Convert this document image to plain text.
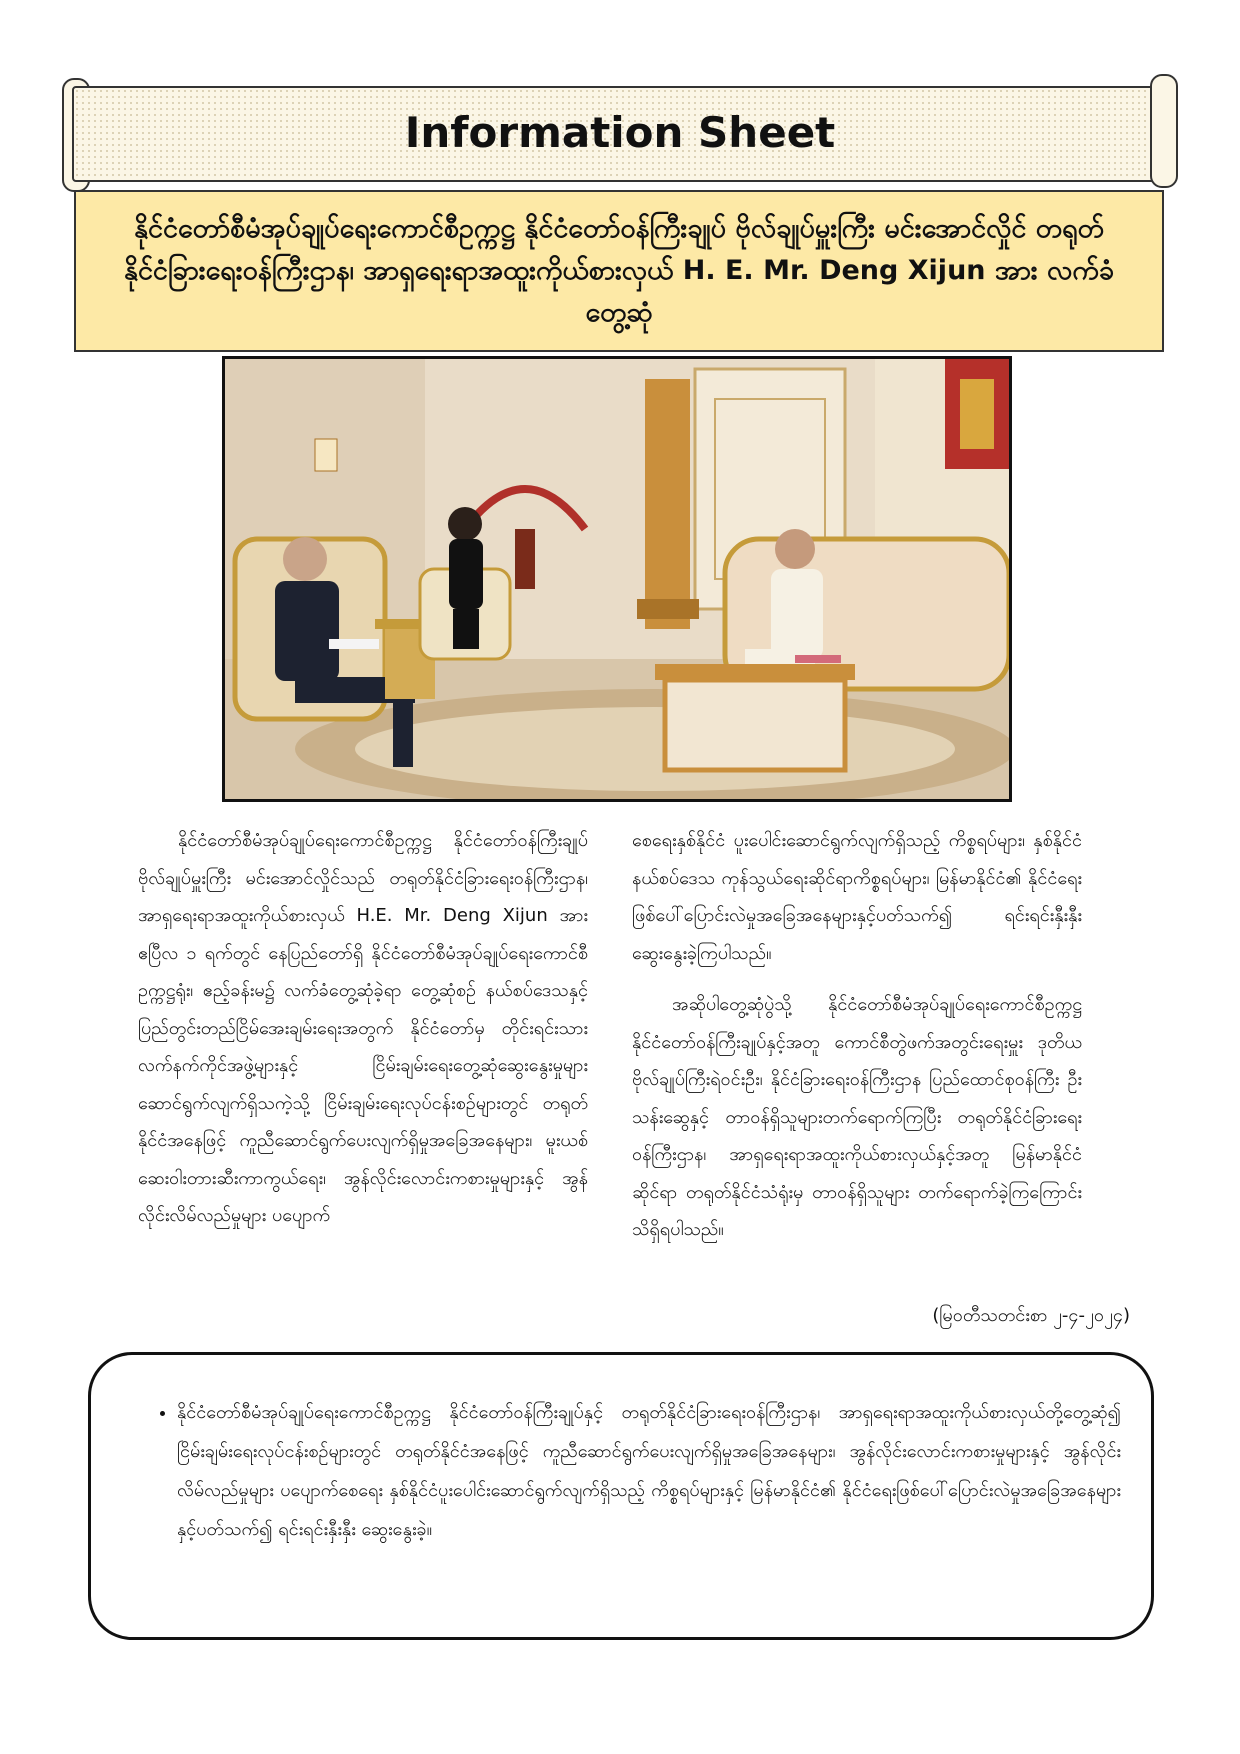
Information Sheet
နိုင်ငံတော်စီမံအုပ်ချုပ်ရေးကောင်စီဥက္ကဋ္ဌ နိုင်ငံတော်ဝန်ကြီးချုပ် ဗိုလ်ချုပ်မှူးကြီး မင်းအောင်လှိုင် တရုတ်နိုင်ငံခြားရေးဝန်ကြီးဌာန၊ အာရှရေးရာအထူးကိုယ်စားလှယ် H. E. Mr. Deng Xijun အား လက်ခံတွေ့ဆုံ

နိုင်ငံတော်စီမံအုပ်ချုပ်ရေးကောင်စီဥက္ကဋ္ဌ နိုင်ငံတော်ဝန်ကြီးချုပ် ဗိုလ်ချုပ်မှူးကြီး မင်းအောင်လှိုင်သည် တရုတ်နိုင်ငံခြားရေးဝန်ကြီးဌာန၊ အာရှရေးရာအထူးကိုယ်စားလှယ် H.E. Mr. Deng Xijun အား ဧပြီလ ၁ ရက်တွင် နေပြည်တော်ရှိ နိုင်ငံတော်စီမံအုပ်ချုပ်ရေးကောင်စီဥက္ကဋ္ဌရုံး၊ ဧည့်ခန်းမ၌ လက်ခံတွေ့ဆုံခဲ့ရာ တွေ့ဆုံစဉ် နယ်စပ်ဒေသနှင့် ပြည်တွင်းတည်ငြိမ်အေးချမ်းရေးအတွက် နိုင်ငံတော်မှ တိုင်းရင်းသားလက်နက်ကိုင်အဖွဲ့များနှင့် ငြိမ်းချမ်းရေးတွေ့ဆုံဆွေးနွေးမှုများ ဆောင်ရွက်လျက်ရှိသကဲ့သို့ ငြိမ်းချမ်းရေးလုပ်ငန်းစဉ်များတွင် တရုတ်နိုင်ငံအနေဖြင့် ကူညီဆောင်ရွက်ပေးလျက်ရှိမှုအခြေအနေများ၊ မူးယစ်ဆေးဝါးတားဆီးကာကွယ်ရေး၊ အွန်လိုင်းလောင်းကစားမှုများနှင့် အွန်လိုင်းလိမ်လည်မှုများ ပပျောက်

စေရေးနှစ်နိုင်ငံ ပူးပေါင်းဆောင်ရွက်လျက်ရှိသည့် ကိစ္စရပ်များ၊ နှစ်နိုင်ငံနယ်စပ်ဒေသ ကုန်သွယ်ရေးဆိုင်ရာကိစ္စရပ်များ၊ မြန်မာနိုင်ငံ၏ နိုင်ငံရေးဖြစ်ပေါ်ပြောင်းလဲမှုအခြေအနေများနှင့်ပတ်သက်၍ ရင်းရင်းနှီးနှီး ဆွေးနွေးခဲ့ကြပါသည်။

အဆိုပါတွေ့ဆုံပွဲသို့ နိုင်ငံတော်စီမံအုပ်ချုပ်ရေးကောင်စီဥက္ကဋ္ဌ နိုင်ငံတော်ဝန်ကြီးချုပ်နှင့်အတူ ကောင်စီတွဲဖက်အတွင်းရေးမှူး ဒုတိယဗိုလ်ချုပ်ကြီးရဲဝင်းဦး၊ နိုင်ငံခြားရေးဝန်ကြီးဌာန ပြည်ထောင်စုဝန်ကြီး ဦးသန်းဆွေနှင့် တာဝန်ရှိသူများတက်ရောက်ကြပြီး တရုတ်နိုင်ငံခြားရေးဝန်ကြီးဌာန၊ အာရှရေးရာအထူးကိုယ်စားလှယ်နှင့်အတူ မြန်မာနိုင်ငံဆိုင်ရာ တရုတ်နိုင်ငံသံရုံးမှ တာဝန်ရှိသူများ တက်ရောက်ခဲ့ကြကြောင်းသိရှိရပါသည်။

(မြဝတီသတင်းစာ ၂-၄-၂၀၂၄)
• နိုင်ငံတော်စီမံအုပ်ချုပ်ရေးကောင်စီဥက္ကဋ္ဌ နိုင်ငံတော်ဝန်ကြီးချုပ်နှင့် တရုတ်နိုင်ငံခြားရေးဝန်ကြီးဌာန၊ အာရှရေးရာအထူးကိုယ်စားလှယ်တို့တွေ့ဆုံ၍ ငြိမ်းချမ်းရေးလုပ်ငန်းစဉ်များတွင် တရုတ်နိုင်ငံအနေဖြင့် ကူညီဆောင်ရွက်ပေးလျက်ရှိမှုအခြေအနေများ၊ အွန်လိုင်းလောင်းကစားမှုများနှင့် အွန်လိုင်းလိမ်လည်မှုများ ပပျောက်စေရေး နှစ်နိုင်ငံပူးပေါင်းဆောင်ရွက်လျက်ရှိသည့် ကိစ္စရပ်များနှင့် မြန်မာနိုင်ငံ၏ နိုင်ငံရေးဖြစ်ပေါ်ပြောင်းလဲမှုအခြေအနေများနှင့်ပတ်သက်၍ ရင်းရင်းနှီးနှီး ဆွေးနွေးခဲ့။
